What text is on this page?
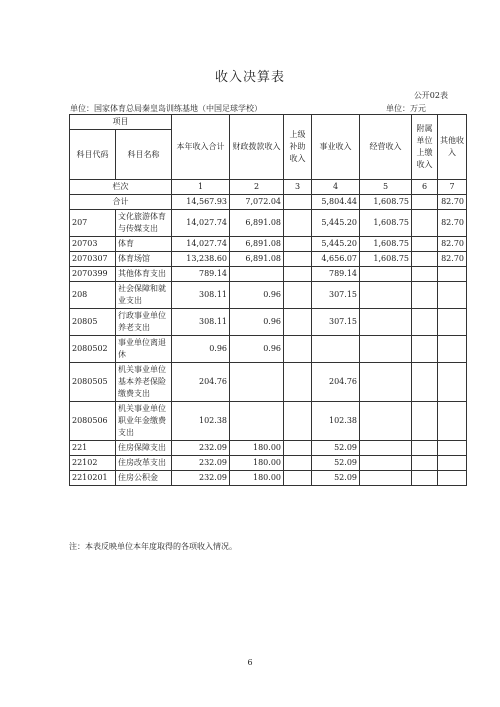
收入决算表
公开02表
单位：国家体育总局秦皇岛训练基地（中国足球学校）	单位：万元
项目		本年收入合计	财政拨款收入	上级补助收入	事业收入	经营收入	附属单位上缴收入	其他收入
科目代码	科目名称							
栏次		1	2	3	4	5	6	7
合计		14,567.93	7,072.04		5,804.44	1,608.75		82.70
207	文化旅游体育与传媒支出	14,027.74	6,891.08		5,445.20	1,608.75		82.70
20703	体育	14,027.74	6,891.08		5,445.20	1,608.75		82.70
2070307	体育场馆	13,238.60	6,891.08		4,656.07	1,608.75		82.70
2070399	其他体育支出	789.14			789.14			
208	社会保障和就业支出	308.11	0.96		307.15			
20805	行政事业单位养老支出	308.11	0.96		307.15			
2080502	事业单位离退休	0.96	0.96					
2080505	机关事业单位基本养老保险缴费支出	204.76			204.76			
2080506	机关事业单位职业年金缴费支出	102.38			102.38			
221	住房保障支出	232.09	180.00		52.09			
22102	住房改革支出	232.09	180.00		52.09			
2210201	住房公积金	232.09	180.00		52.09			
注：本表反映单位本年度取得的各项收入情况。
6
